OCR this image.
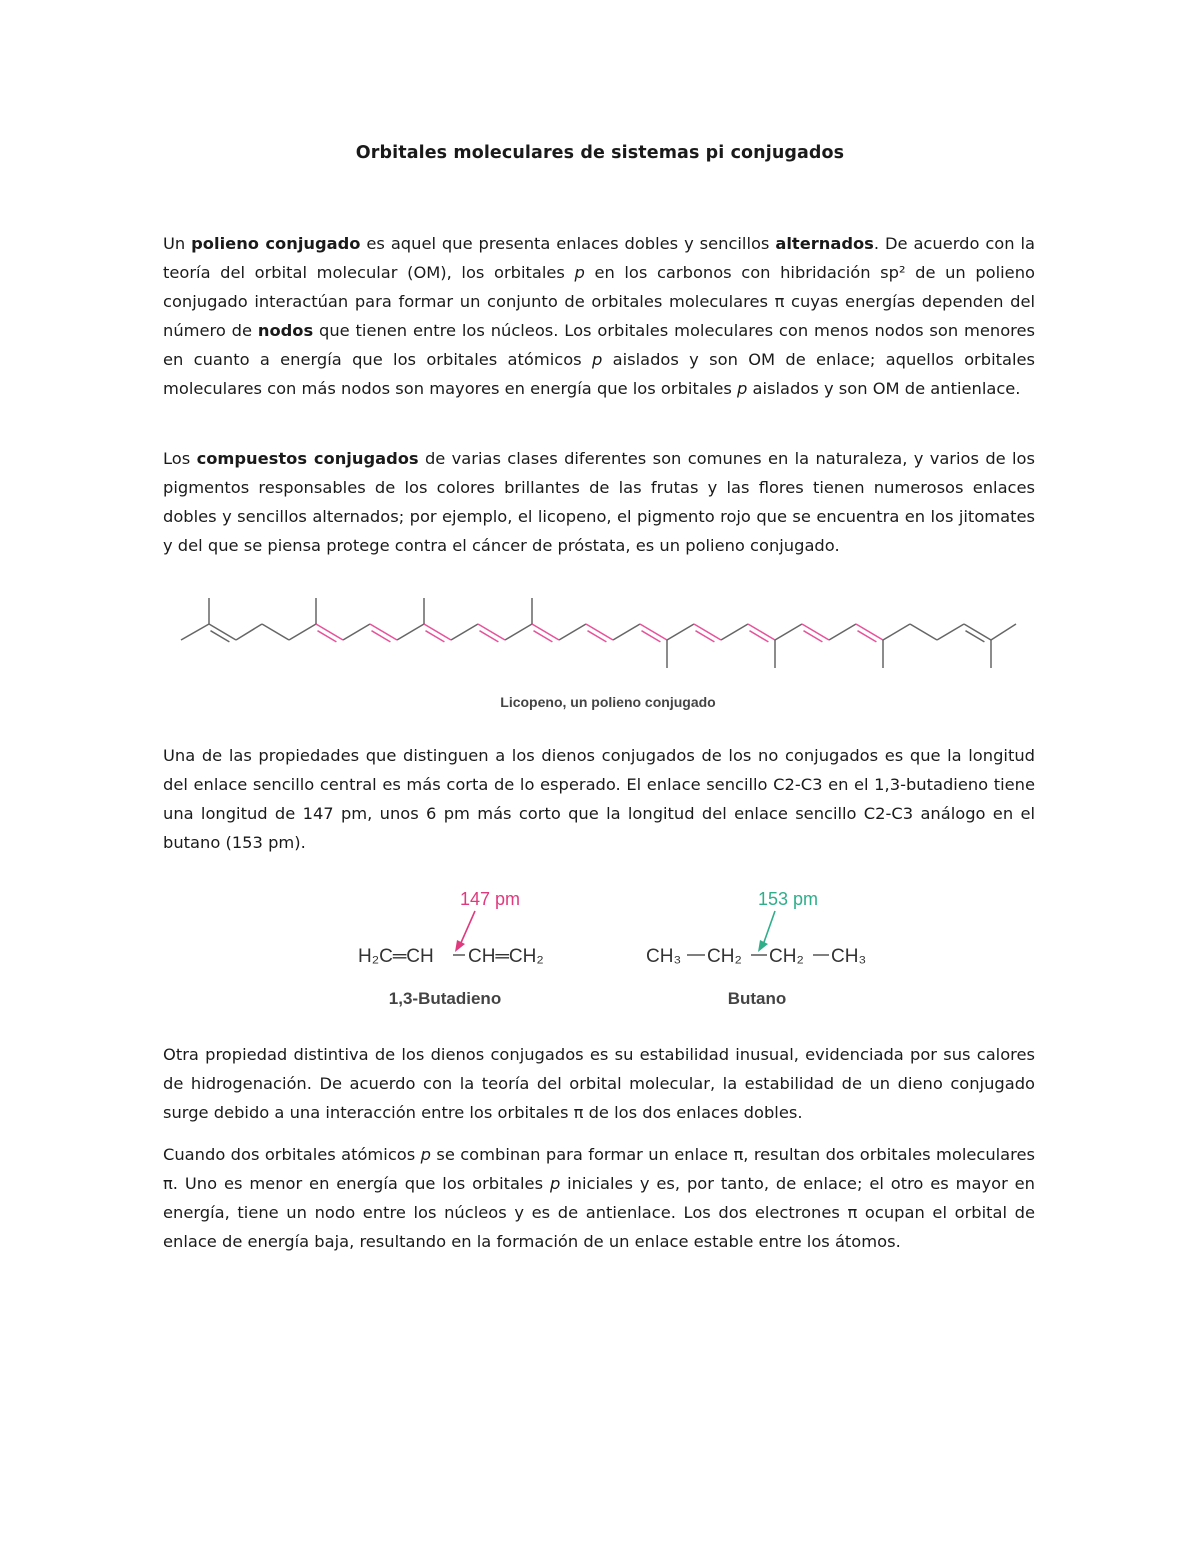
Orbitales moleculares de sistemas pi conjugados

Un polieno conjugado es aquel que presenta enlaces dobles y sencillos alternados. De acuerdo con la teoría del orbital molecular (OM), los orbitales p en los carbonos con hibridación sp² de un polieno conjugado interactúan para formar un conjunto de orbitales moleculares π cuyas energías dependen del número de nodos que tienen entre los núcleos. Los orbitales moleculares con menos nodos son menores en cuanto a energía que los orbitales atómicos p aislados y son OM de enlace; aquellos orbitales moleculares con más nodos son mayores en energía que los orbitales p aislados y son OM de antienlace.

Los compuestos conjugados de varias clases diferentes son comunes en la naturaleza, y varios de los pigmentos responsables de los colores brillantes de las frutas y las flores tienen numerosos enlaces dobles y sencillos alternados; por ejemplo, el licopeno, el pigmento rojo que se encuentra en los jitomates y del que se piensa protege contra el cáncer de próstata, es un polieno conjugado.

Licopeno, un polieno conjugado

Una de las propiedades que distinguen a los dienos conjugados de los no conjugados es que la longitud del enlace sencillo central es más corta de lo esperado. El enlace sencillo C2-C3 en el 1,3-butadieno tiene una longitud de 147 pm, unos 6 pm más corto que la longitud del enlace sencillo C2-C3 análogo en el butano (153 pm).

147 pm
H₂C═CH CH═CH₂
1,3-Butadieno
153 pm
CH₃ CH₂ CH₂ CH₃
Butano

Otra propiedad distintiva de los dienos conjugados es su estabilidad inusual, evidenciada por sus calores de hidrogenación. De acuerdo con la teoría del orbital molecular, la estabilidad de un dieno conjugado surge debido a una interacción entre los orbitales π de los dos enlaces dobles.

Cuando dos orbitales atómicos p se combinan para formar un enlace π, resultan dos orbitales moleculares π. Uno es menor en energía que los orbitales p iniciales y es, por tanto, de enlace; el otro es mayor en energía, tiene un nodo entre los núcleos y es de antienlace. Los dos electrones π ocupan el orbital de enlace de energía baja, resultando en la formación de un enlace estable entre los átomos.
